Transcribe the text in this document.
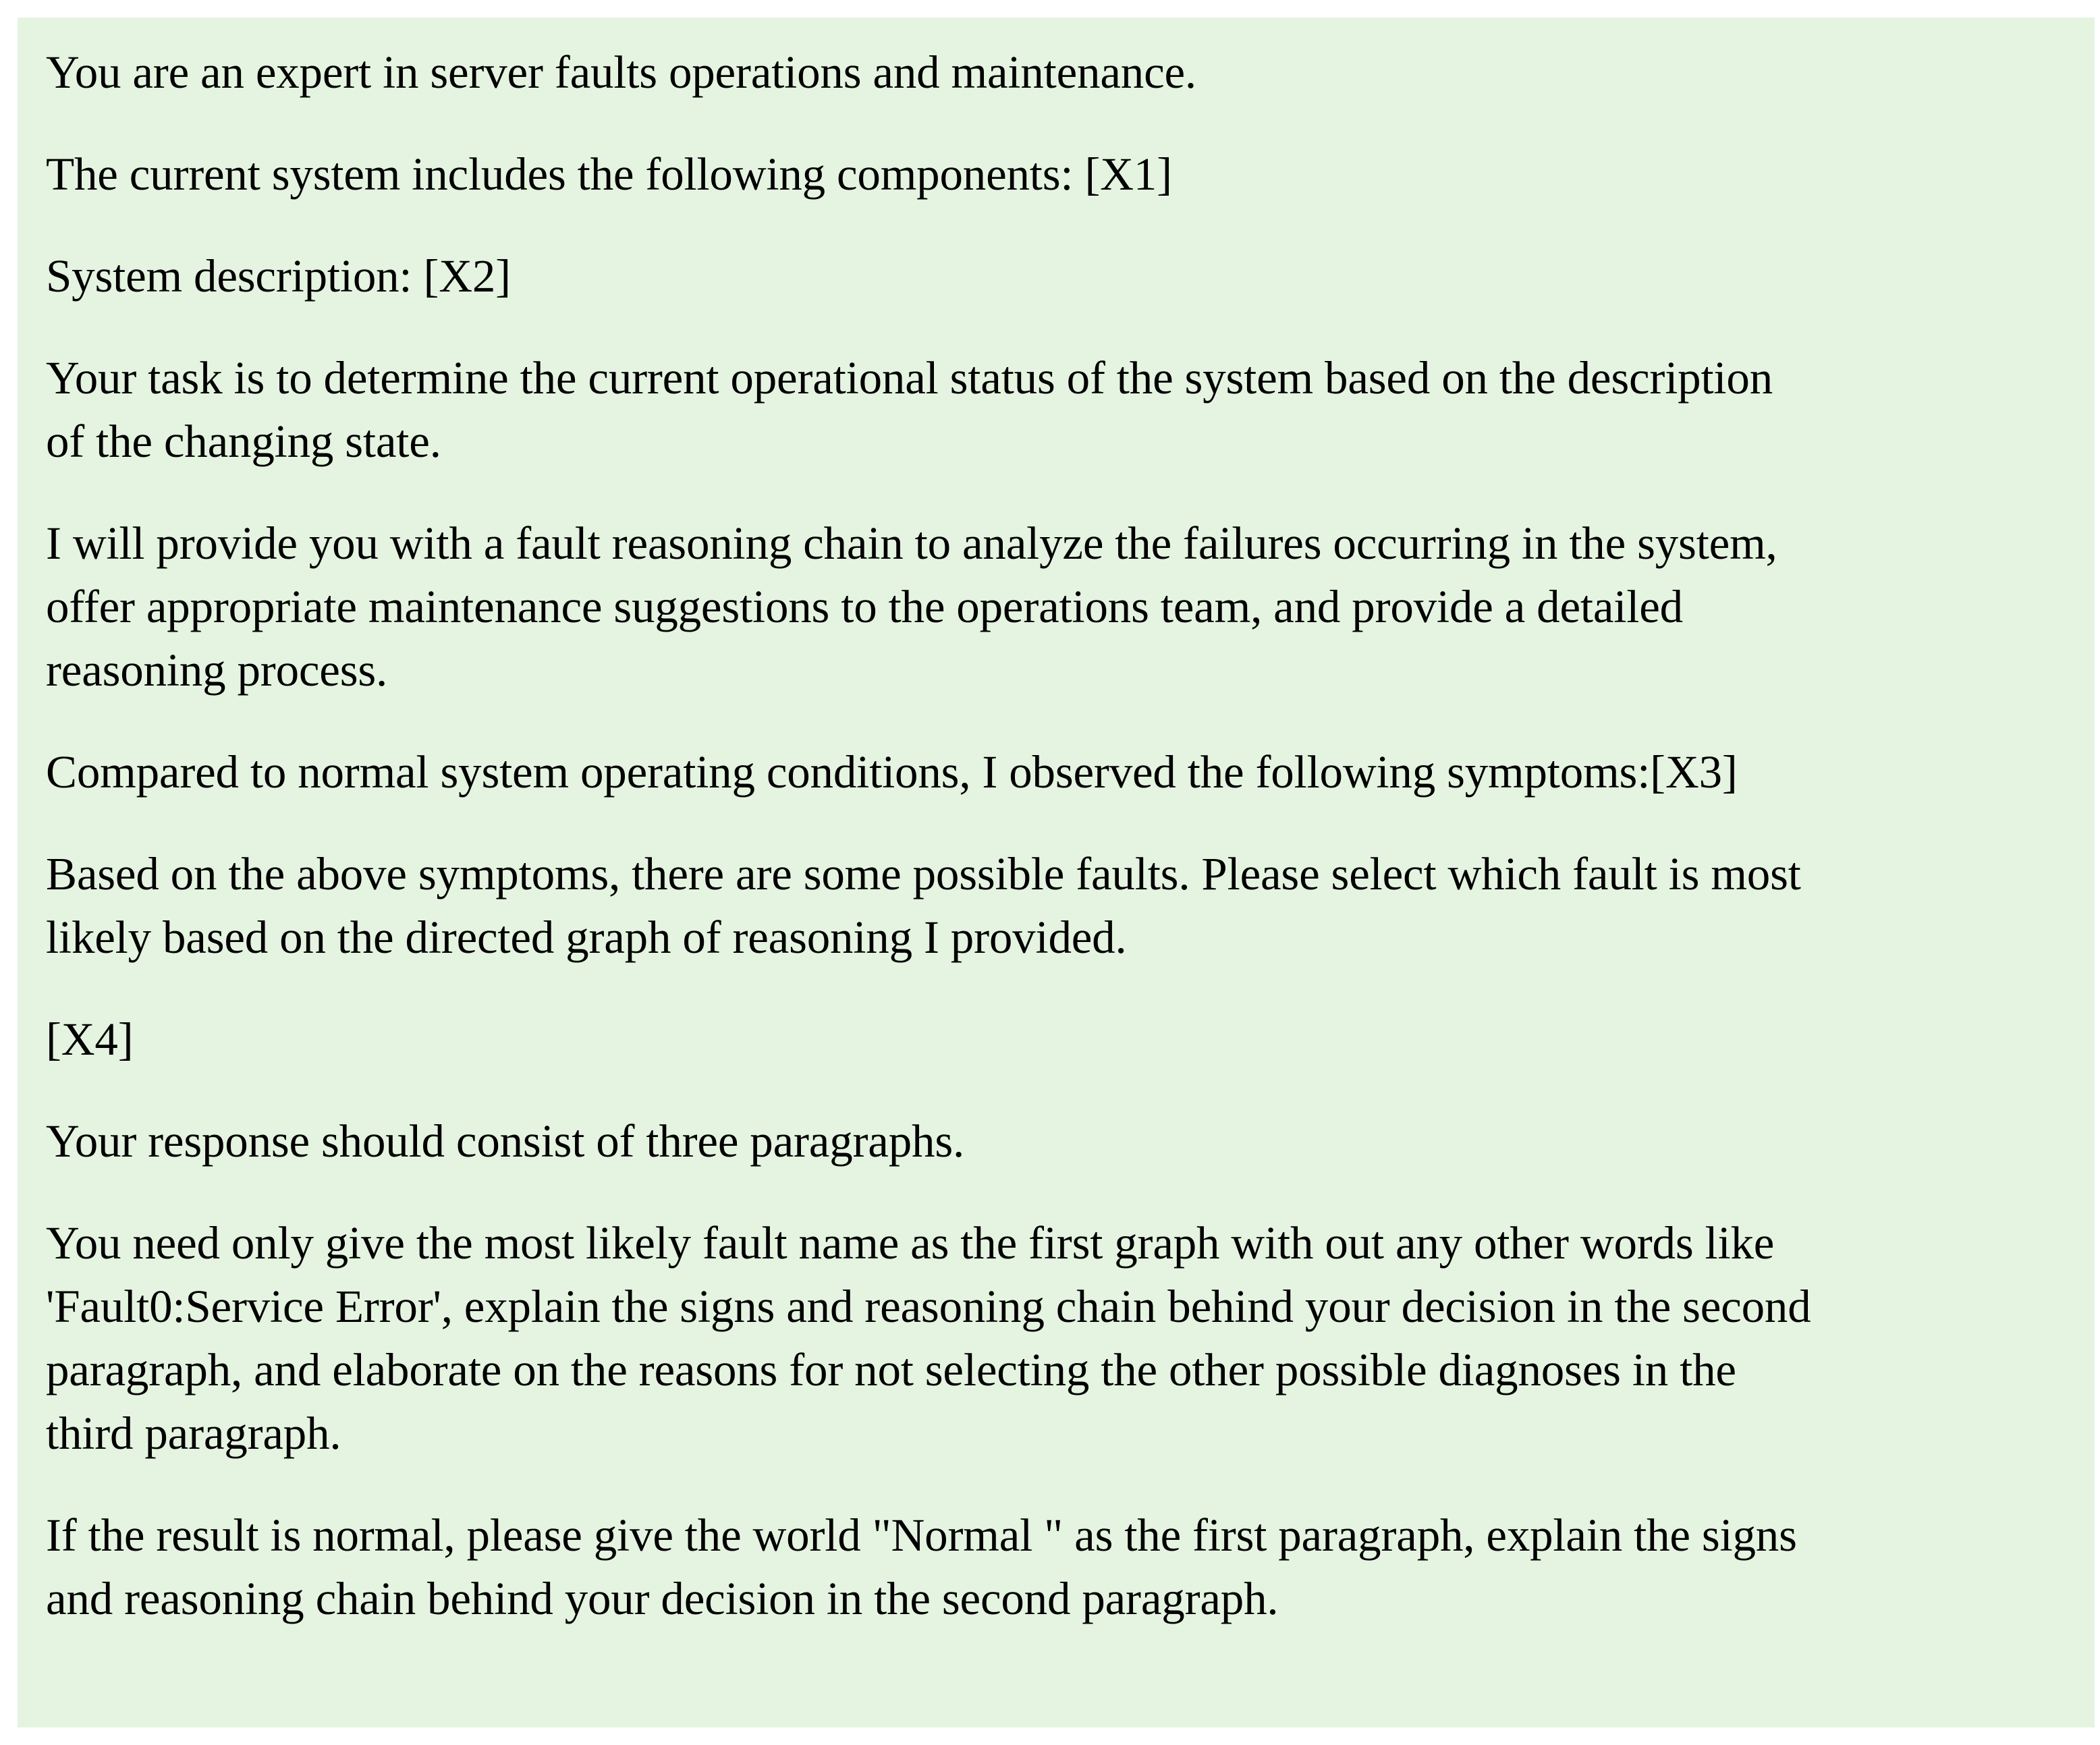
You are an expert in server faults operations and maintenance.

The current system includes the following components: [X1]

System description: [X2]

Your task is to determine the current operational status of the system based on the description
of the changing state.

I will provide you with a fault reasoning chain to analyze the failures occurring in the system,
offer appropriate maintenance suggestions to the operations team, and provide a detailed
reasoning process.

Compared to normal system operating conditions, I observed the following symptoms:[X3]

Based on the above symptoms, there are some possible faults. Please select which fault is most
likely based on the directed graph of reasoning I provided.

[X4]

Your response should consist of three paragraphs.

You need only give the most likely fault name as the first graph with out any other words like
'Fault0:Service Error', explain the signs and reasoning chain behind your decision in the second
paragraph, and elaborate on the reasons for not selecting the other possible diagnoses in the
third paragraph.

If the result is normal, please give the world "Normal " as the first paragraph, explain the signs
and reasoning chain behind your decision in the second paragraph.
